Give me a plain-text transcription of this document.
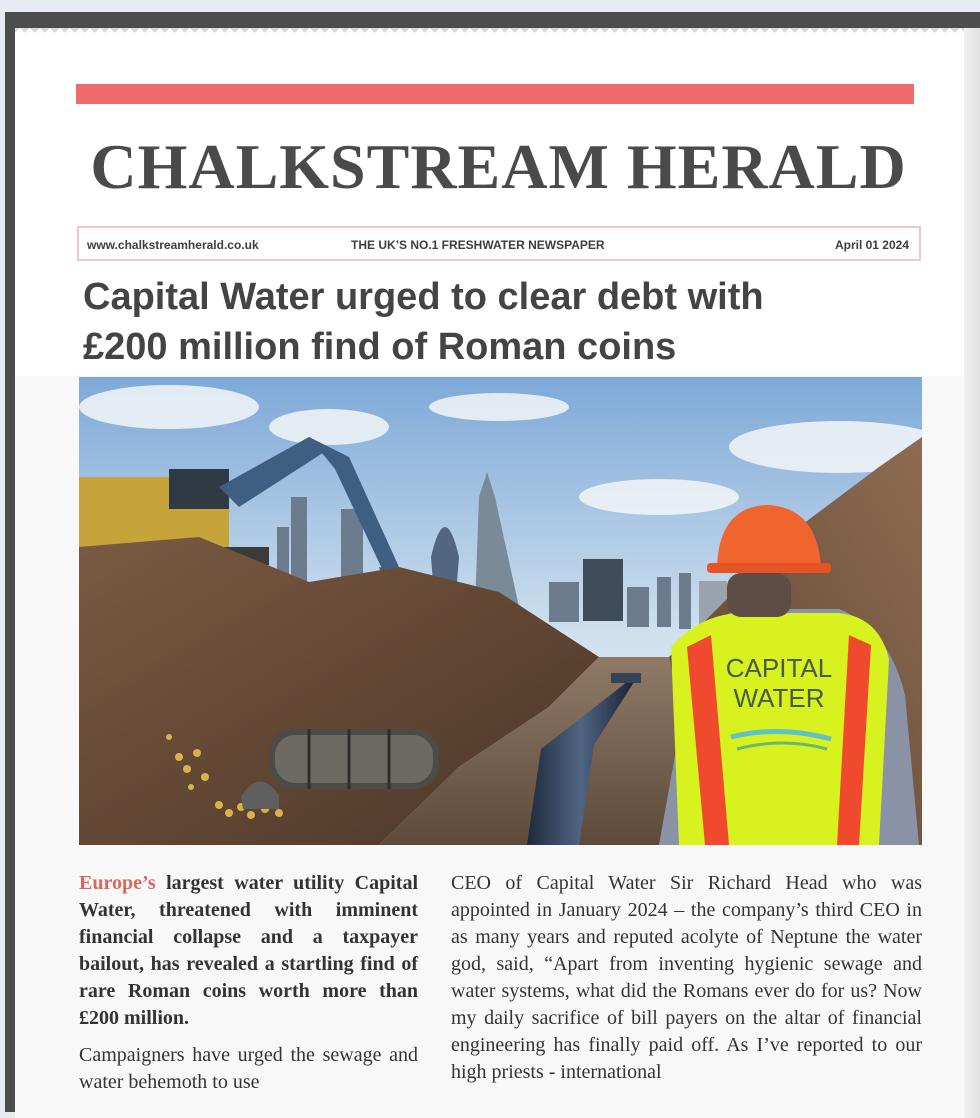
CHALKSTREAM HERALD
www.chalkstreamherald.co.uk	THE UK’S NO.1 FRESHWATER NEWSPAPER	April 01 2024
Capital Water urged to clear debt with
£200 million find of Roman coins
CAPITAL
WATER

Europe’s largest water utility Capital Water, threatened with imminent financial collapse and a taxpayer bailout, has revealed a startling find of rare Roman coins worth more than £200 million.

Campaigners have urged the sewage and water behemoth to use

CEO of Capital Water Sir Richard Head who was appointed in January 2024 – the company’s third CEO in as many years and reputed acolyte of Neptune the water god, said, “Apart from inventing hygienic sewage and water systems, what did the Romans ever do for us? Now my daily sacrifice of bill payers on the altar of financial engineering has finally paid off. As I’ve reported to our high priests - international
